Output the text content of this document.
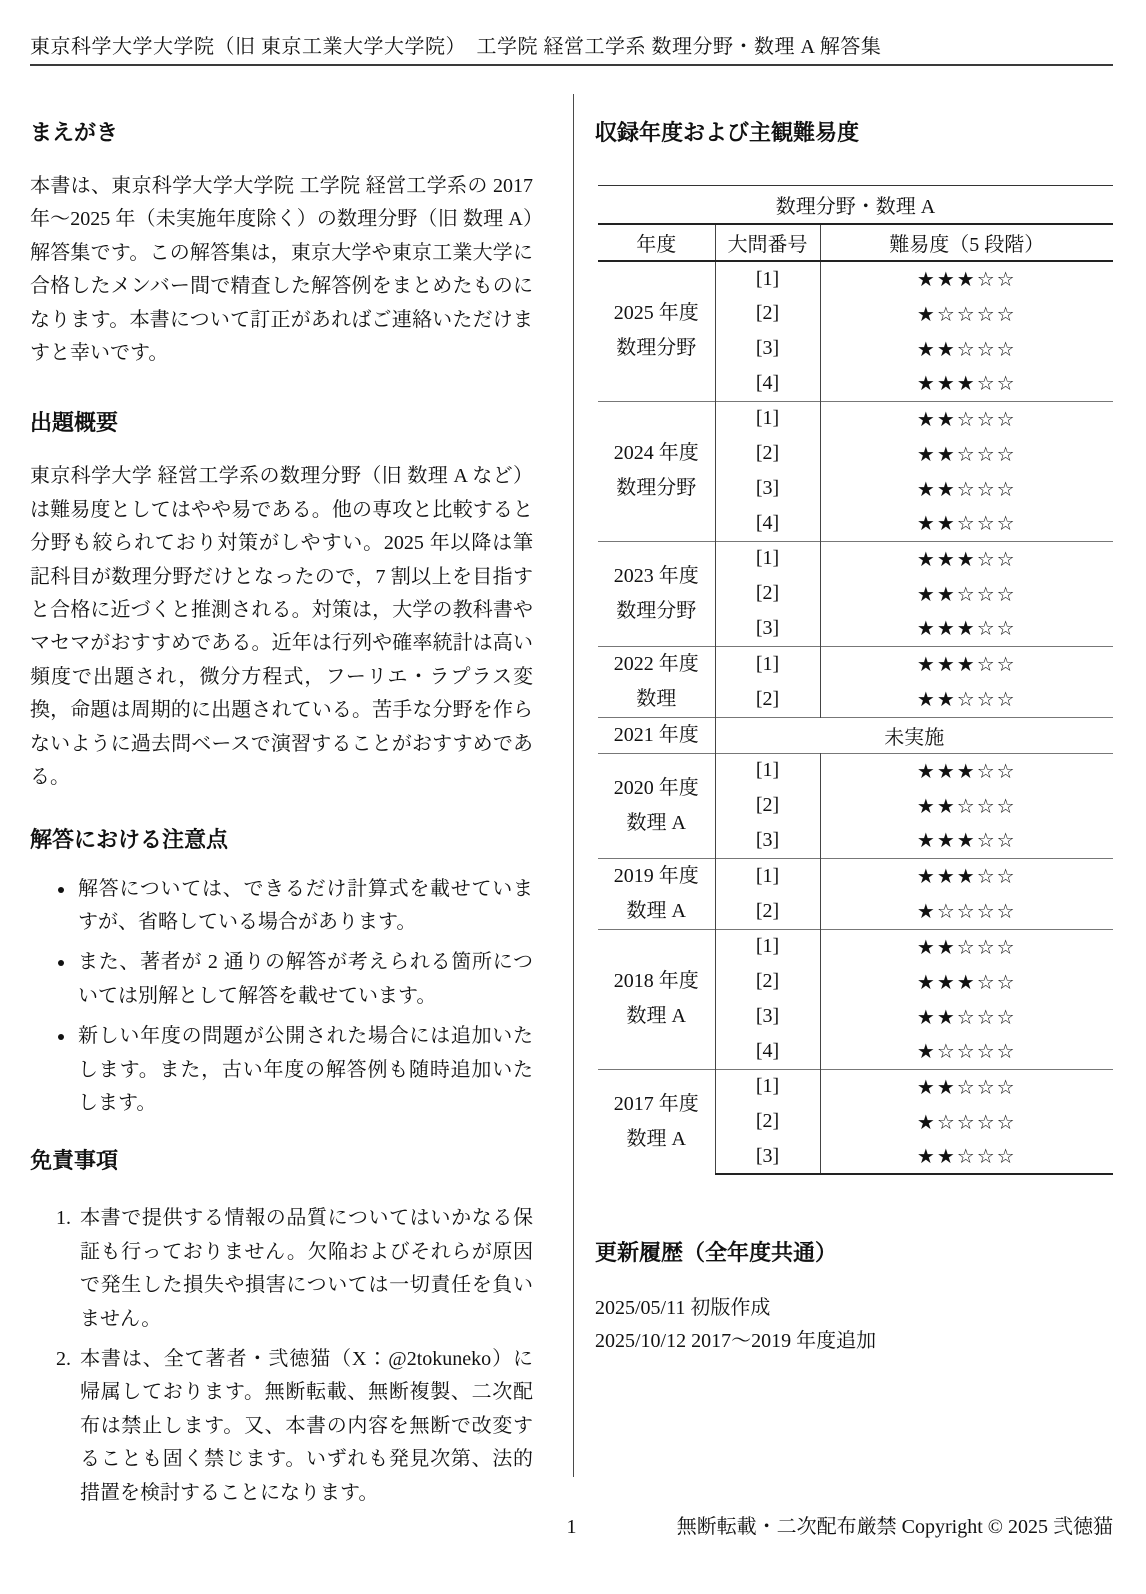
東京科学大学大学院（旧 東京工業大学大学院）　工学院 経営工学系 数理分野・数理 A 解答集
まえがき

本書は、東京科学大学大学院 工学院 経営工学系の 2017 年〜2025 年（未実施年度除く）の数理分野（旧 数理 A）解答集です。この解答集は，東京大学や東京工業大学に合格したメンバー間で精査した解答例をまとめたものになります。本書について訂正があればご連絡いただけますと幸いです。

出題概要

東京科学大学 経営工学系の数理分野（旧 数理 A など）は難易度としてはやや易である。他の専攻と比較すると分野も絞られており対策がしやすい。2025 年以降は筆記科目が数理分野だけとなったので，7 割以上を目指すと合格に近づくと推測される。対策は，大学の教科書やマセマがおすすめである。近年は行列や確率統計は高い頻度で出題され，微分方程式，フーリエ・ラプラス変換，命題は周期的に出題されている。苦手な分野を作らないように過去問ベースで演習することがおすすめである。

解答における注意点
• 解答については、できるだけ計算式を載せていますが、省略している場合があります。
• また、著者が 2 通りの解答が考えられる箇所については別解として解答を載せています。
• 新しい年度の問題が公開された場合には追加いたします。また，古い年度の解答例も随時追加いたします。
免責事項
1. 本書で提供する情報の品質についてはいかなる保証も行っておりません。欠陥およびそれらが原因で発生した損失や損害については一切責任を負いません。
2. 本書は、全て著者・弐徳猫（X：@2tokuneko）に帰属しております。無断転載、無断複製、二次配布は禁止します。又、本書の内容を無断で改変することも固く禁じます。いずれも発見次第、法的措置を検討することになります。
収録年度および主観難易度
数理分野・数理 A		
年度	大問番号	難易度（5 段階）

2025 年度
数理分野	[1]	★★★☆☆
	[2]	★☆☆☆☆
	[3]	★★☆☆☆
	[4]	★★★☆☆

2024 年度
数理分野	[1]	★★☆☆☆
	[2]	★★☆☆☆
	[3]	★★☆☆☆
	[4]	★★☆☆☆

2023 年度
数理分野	[1]	★★★☆☆
	[2]	★★☆☆☆
	[3]	★★★☆☆

2022 年度
数理	[1]	★★★☆☆
	[2]	★★☆☆☆

2021 年度	未実施	

2020 年度
数理 A	[1]	★★★☆☆
	[2]	★★☆☆☆
	[3]	★★★☆☆

2019 年度
数理 A	[1]	★★★☆☆
	[2]	★☆☆☆☆

2018 年度
数理 A	[1]	★★☆☆☆
	[2]	★★★☆☆
	[3]	★★☆☆☆
	[4]	★☆☆☆☆

2017 年度
数理 A	[1]	★★☆☆☆
	[2]	★☆☆☆☆
	[3]	★★☆☆☆
更新履歴（全年度共通）
2025/05/11 初版作成
2025/10/12 2017〜2019 年度追加
1	無断転載・二次配布厳禁 Copyright © 2025 弐徳猫
